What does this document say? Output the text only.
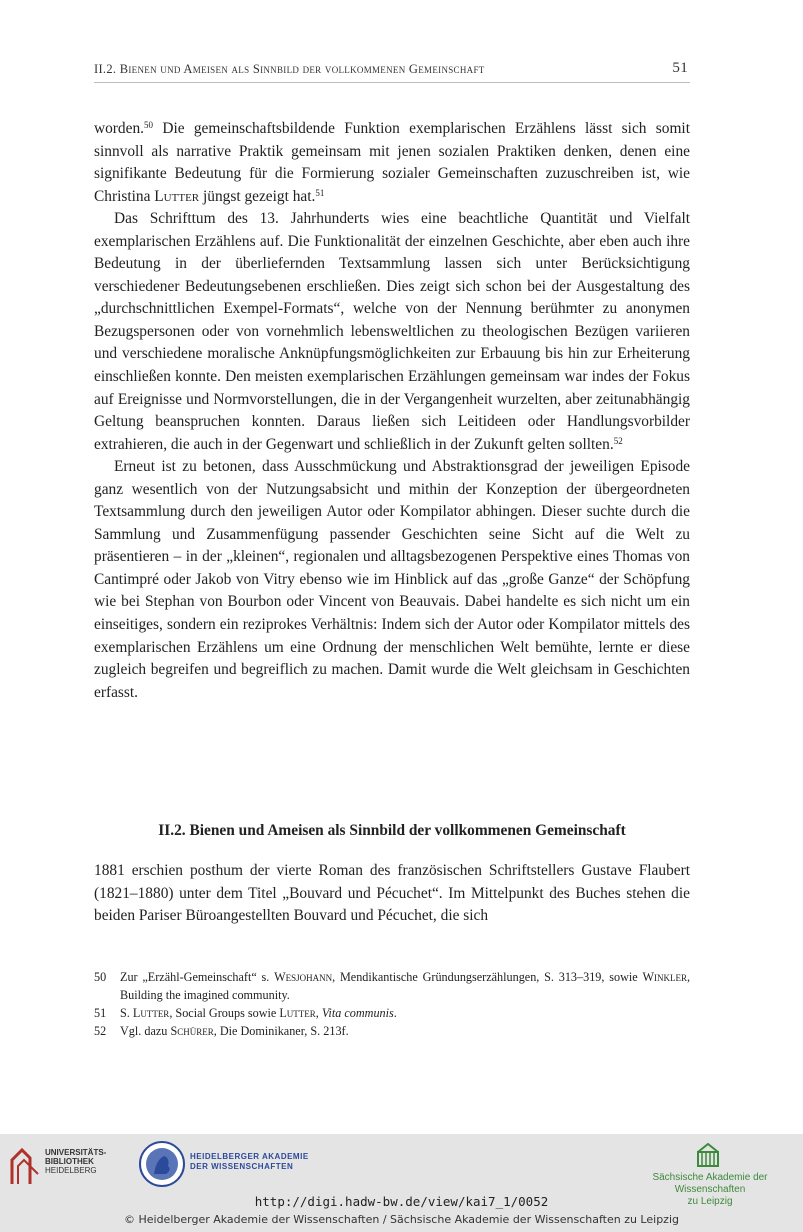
II.2. Bienen und Ameisen als Sinnbild der vollkommenen Gemeinschaft	51

worden.$^{50}$ Die gemeinschaftsbildende Funktion exemplarischen Erzählens lässt sich somit sinnvoll als narrative Praktik gemeinsam mit jenen sozialen Praktiken denken, denen eine signifikante Bedeutung für die Formierung sozialer Gemeinschaften zuzuschreiben ist, wie Christina Lutter jüngst gezeigt hat.$^{51}$

Das Schrifttum des 13. Jahrhunderts wies eine beachtliche Quantität und Vielfalt exemplarischen Erzählens auf. Die Funktionalität der einzelnen Geschichte, aber eben auch ihre Bedeutung in der überliefernden Textsammlung lassen sich unter Berücksichtigung verschiedener Bedeutungsebenen erschließen. Dies zeigt sich schon bei der Ausgestaltung des „durchschnittlichen Exempel-Formats“, welche von der Nennung berühmter zu anonymen Bezugspersonen oder von vornehmlich lebensweltlichen zu theologischen Bezügen variieren und verschiedene moralische Anknüpfungsmöglichkeiten zur Erbauung bis hin zur Erheiterung einschließen konnte. Den meisten exemplarischen Erzählungen gemeinsam war indes der Fokus auf Ereignisse und Normvorstellungen, die in der Vergangenheit wurzelten, aber zeitunabhängig Geltung beanspruchen konnten. Daraus ließen sich Leitideen oder Handlungsvorbilder extrahieren, die auch in der Gegenwart und schließlich in der Zukunft gelten sollten.$^{52}$

Erneut ist zu betonen, dass Ausschmückung und Abstraktionsgrad der jeweiligen Episode ganz wesentlich von der Nutzungsabsicht und mithin der Konzeption der übergeordneten Textsammlung durch den jeweiligen Autor oder Kompilator abhingen. Dieser suchte durch die Sammlung und Zusammenfügung passender Geschichten seine Sicht auf die Welt zu präsentieren – in der „kleinen“, regionalen und alltagsbezogenen Perspektive eines Thomas von Cantimpré oder Jakob von Vitry ebenso wie im Hinblick auf das „große Ganze“ der Schöpfung wie bei Stephan von Bourbon oder Vincent von Beauvais. Dabei handelte es sich nicht um ein einseitiges, sondern ein reziprokes Verhältnis: Indem sich der Autor oder Kompilator mittels des exemplarischen Erzählens um eine Ordnung der menschlichen Welt bemühte, lernte er diese zugleich begreifen und begreiflich zu machen. Damit wurde die Welt gleichsam in Geschichten erfasst.

II.2. Bienen und Ameisen als Sinnbild der vollkommenen Gemeinschaft
1881 erschien posthum der vierte Roman des französischen Schriftstellers Gustave Flaubert (1821–1880) unter dem Titel „Bouvard und Pécuchet“. Im Mittelpunkt des Buches stehen die beiden Pariser Büroangestellten Bouvard und Pécuchet, die sich
50	Zur „Erzähl-Gemeinschaft“ s. Wesjohann, Mendikantische Gründungserzählungen, S. 313–319, sowie Winkler, Building the imagined community.
51	S. Lutter, Social Groups sowie Lutter, Vita communis.
52	Vgl. dazu Schürer, Die Dominikaner, S. 213f.
UNIVERSITÄTS-
BIBLIOTHEK
HEIDELBERG
HEIDELBERGER AKADEMIE
DER WISSENSCHAFTEN
Sächsische Akademie der Wissenschaften
zu Leipzig
http://digi.hadw-bw.de/view/kai7_1/0052
© Heidelberger Akademie der Wissenschaften / Sächsische Akademie der Wissenschaften zu Leipzig
